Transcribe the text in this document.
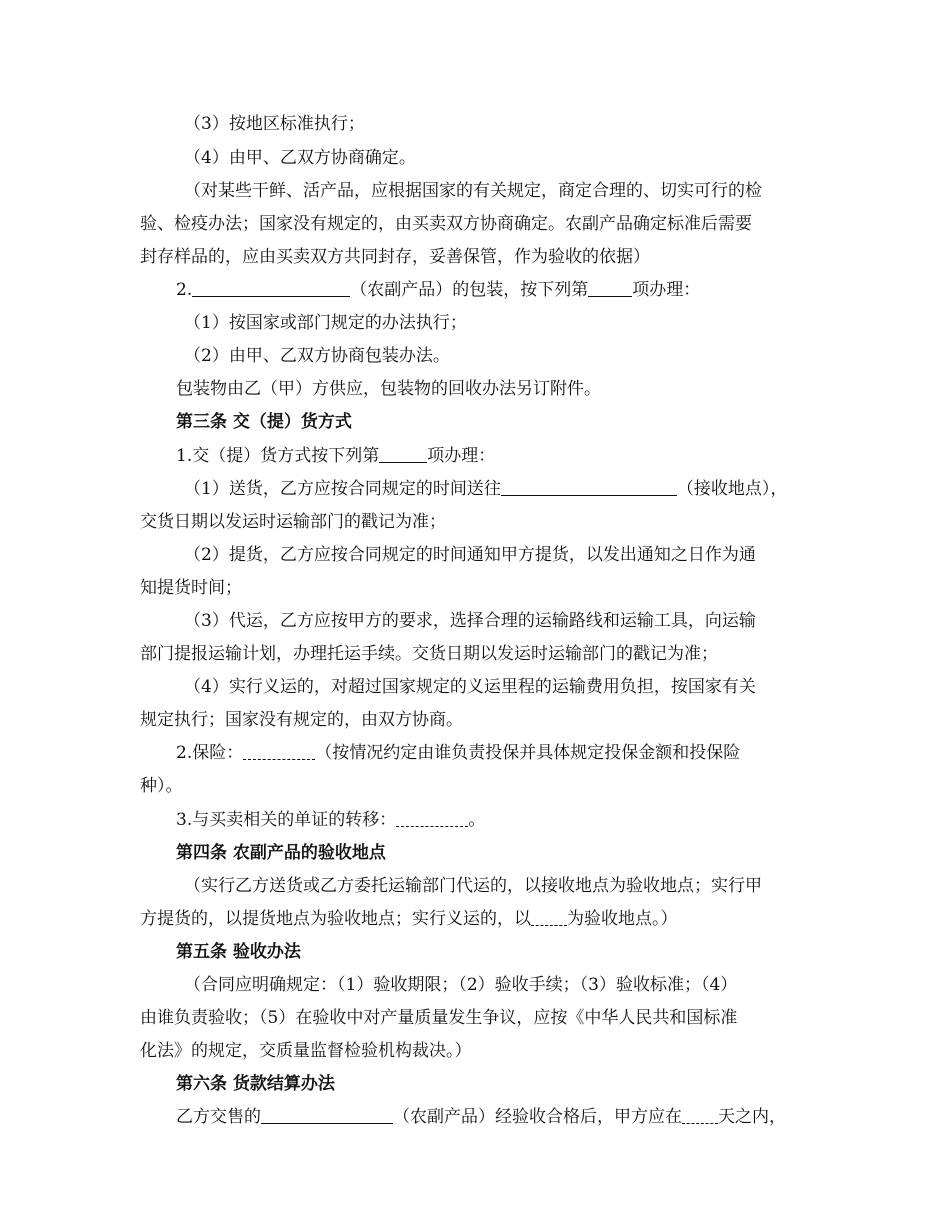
（3）按地区标准执行；
（4）由甲、乙双方协商确定。
（对某些干鲜、活产品，应根据国家的有关规定，商定合理的、切实可行的检
验、检疫办法；国家没有规定的，由买卖双方协商确定。农副产品确定标准后需要
封存样品的，应由买卖双方共同封存，妥善保管，作为验收的依据）
2.	（农副产品）的包装，按下列第	项办理：
（1）按国家或部门规定的办法执行；
（2）由甲、乙双方协商包装办法。
包装物由乙（甲）方供应，包装物的回收办法另订附件。
第三条 交（提）货方式
1.交（提）货方式按下列第	项办理：
（1）送货，乙方应按合同规定的时间送往	（接收地点），
交货日期以发运时运输部门的戳记为准；
（2）提货，乙方应按合同规定的时间通知甲方提货，以发出通知之日作为通
知提货时间；
（3）代运，乙方应按甲方的要求，选择合理的运输路线和运输工具，向运输
部门提报运输计划，办理托运手续。交货日期以发运时运输部门的戳记为准；
（4）实行义运的，对超过国家规定的义运里程的运输费用负担，按国家有关
规定执行；国家没有规定的，由双方协商。
2.保险：	（按情况约定由谁负责投保并具体规定投保金额和投保险
种）。
3.与买卖相关的单证的转移：	。
第四条 农副产品的验收地点
（实行乙方送货或乙方委托运输部门代运的，以接收地点为验收地点；实行甲
方提货的，以提货地点为验收地点；实行义运的，以 为验收地点。）
第五条 验收办法
（合同应明确规定：（1）验收期限；（2）验收手续；（3）验收标准；（4）
由谁负责验收；（5）在验收中对产量质量发生争议，应按《中华人民共和国标准
化法》的规定，交质量监督检验机构裁决。）
第六条 货款结算办法
乙方交售的	（农副产品）经验收合格后，甲方应在 天之内，
